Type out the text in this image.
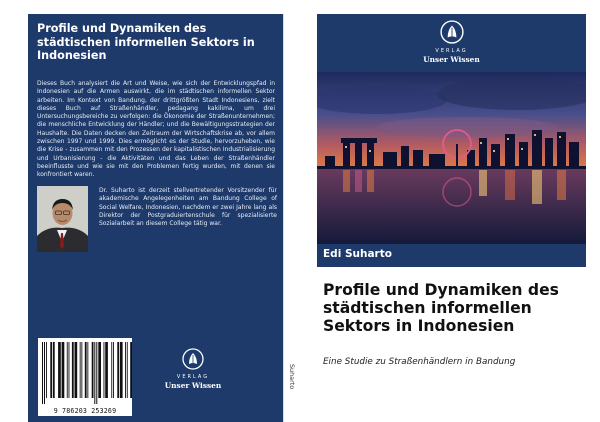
Profile und Dynamiken des städtischen informellen Sektors in Indonesien
Dieses Buch analysiert die Art und Weise, wie sich der Entwicklungspfad in Indonesien auf die Armen auswirkt, die im städtischen informellen Sektor arbeiten. Im Kontext von Bandung, der drittgrößten Stadt Indonesiens, zielt dieses Buch auf Straßenhändler, pedagang kakilima, um drei Untersuchungsbereiche zu verfolgen: die Ökonomie der Straßenunternehmen; die menschliche Entwicklung der Händler; und die Bewältigungsstrategien der Haushalte. Die Daten decken den Zeitraum der Wirtschaftskrise ab, vor allem zwischen 1997 und 1999. Dies ermöglicht es der Studie, hervorzuheben, wie die Krise - zusammen mit den Prozessen der kapitalistischen Industrialisierung und Urbanisierung - die Aktivitäten und das Leben der Straßenhändler beeinflusste und wie sie mit den Problemen fertig wurden, mit denen sie konfrontiert waren.
Dr. Suharto ist derzeit stellvertretender Vorsitzender für akademische Angelegenheiten am Bandung College of Social Welfare, Indonesien, nachdem er zwei Jahre lang als Direktor der Postgraduiertenschule für spezialisierte Sozialarbeit an diesem College tätig war.
9 786203 253269
VERLAG
Unser Wissen	Suharto
VERLAG
Unser Wissen
Edi Suharto
Profile und Dynamiken des städtischen informellen Sektors in Indonesien
Eine Studie zu Straßenhändlern in Bandung
